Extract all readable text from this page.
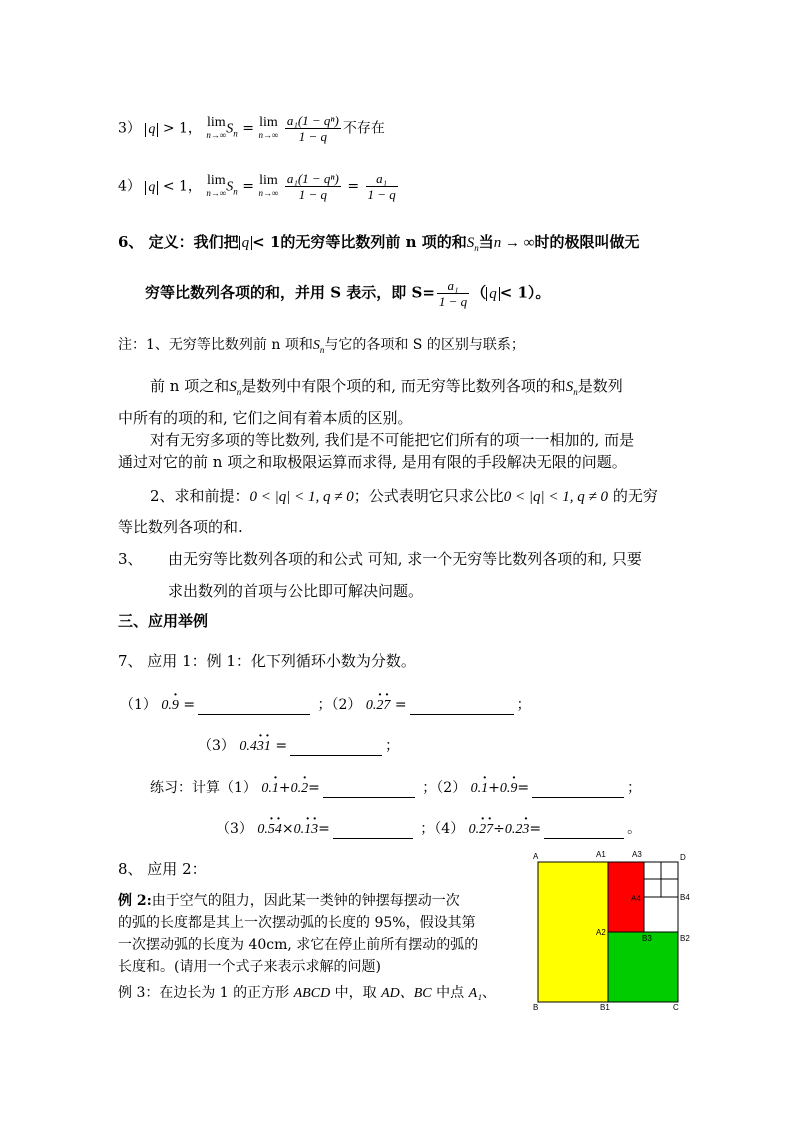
3） q > 1， lim
n→∞ $S_n = \lim$
n→∞
$\frac{\text{a₁(1 − qⁿ)}}{1 - q}$ 不存在
4） q < 1， lim
n→∞ $S_n = \lim$
n→∞
$\frac{\text{a₁(1 − qⁿ)}}{1 - q} = \frac{\text{a₁}}{1 - q}$
6、 定义：我们把 q < 1的无穷等比数列前 n 项的和$S_n$当n → ∞时的极限叫做无
穷等比数列各项的和，并用 S 表示，即 $S= \frac{\text{a₁}}{1 - q}$ （ q < 1）。
注：1、无穷等比数列前 n 项和$S_n$与它的各项和 S 的区别与联系；
前 n 项之和$S_n$是数列中有限个项的和, 而无穷等比数列各项的和$S_n$是数列
中所有的项的和, 它们之间有着本质的区别。
对有无穷多项的等比数列, 我们是不可能把它们所有的项一一相加的, 而是
通过对它的前 n 项之和取极限运算而求得, 是用有限的手段解决无限的问题。
2、求和前提：0 < |q| < 1, q ≠ 0；公式表明它只求公比0 < |q| < 1, q ≠ 0 的无穷
等比数列各项的和.
3、 由无穷等比数列各项的和公式 可知, 求一个无穷等比数列各项的和, 只要
求出数列的首项与公比即可解决问题。
三、应用举例
7、 应用 1：例 1：化下列循环小数为分数。
（1） 0.· 9 =	；（2） 0.· 2· 7 =	；
（3） 0.4· 3· 1 =	；
练习：计算（1） 0.· 1+0.· 2=	；（2） 0.· 1+0.· 9=	；
（3） 0.· 5· 4×0.· 1· 3=	；（4） 0.· 2· 7÷0.2· 3=	。
8、 应用 2：
例 2:由于空气的阻力，因此某一类钟的钟摆每摆动一次
的弧的长度都是其上一次摆动弧的长度的 95%，假设其第
一次摆动弧的长度为 40cm, 求它在停止前所有摆动的弧的
长度和。(请用一个式子来表示求解的问题)
例 3：在边长为 1 的正方形 ABCD 中，取 AD、BC 中点 A₁、
A	A1	A3	D
B4
A4
A2
B3	B2
B	B1	C
